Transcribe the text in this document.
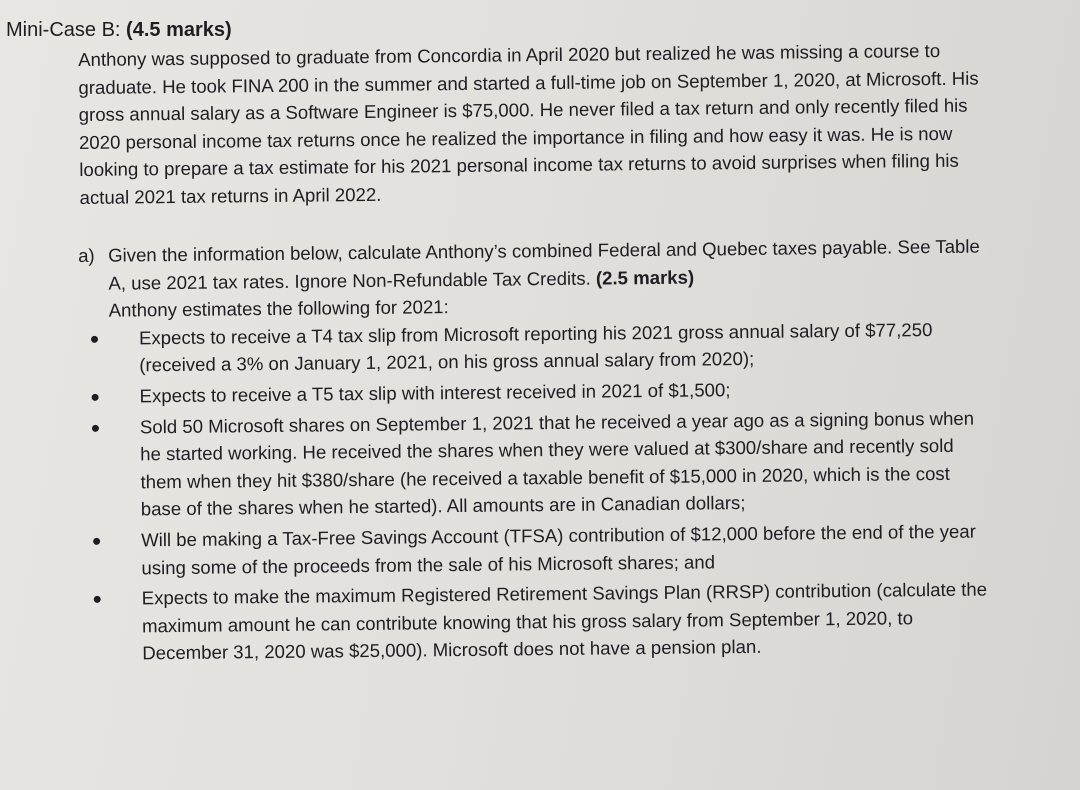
Mini-Case B: (4.5 marks)

Anthony was supposed to graduate from Concordia in April 2020 but realized he was missing a course to graduate. He took FINA 200 in the summer and started a full-time job on September 1, 2020, at Microsoft. His gross annual salary as a Software Engineer is $75,000. He never filed a tax return and only recently filed his 2020 personal income tax returns once he realized the importance in filing and how easy it was. He is now looking to prepare a tax estimate for his 2021 personal income tax returns to avoid surprises when filing his actual 2021 tax returns in April 2022.

a) Given the information below, calculate Anthony’s combined Federal and Quebec taxes payable. See Table A, use 2021 tax rates. Ignore Non-Refundable Tax Credits. (2.5 marks)

Anthony estimates the following for 2021:

Expects to receive a T4 tax slip from Microsoft reporting his 2021 gross annual salary of $77,250 (received a 3% on January 1, 2021, on his gross annual salary from 2020);
Expects to receive a T5 tax slip with interest received in 2021 of $1,500;
Sold 50 Microsoft shares on September 1, 2021 that he received a year ago as a signing bonus when he started working. He received the shares when they were valued at $300/share and recently sold them when they hit $380/share (he received a taxable benefit of $15,000 in 2020, which is the cost base of the shares when he started). All amounts are in Canadian dollars;
Will be making a Tax-Free Savings Account (TFSA) contribution of $12,000 before the end of the year using some of the proceeds from the sale of his Microsoft shares; and
Expects to make the maximum Registered Retirement Savings Plan (RRSP) contribution (calculate the maximum amount he can contribute knowing that his gross salary from September 1, 2020, to December 31, 2020 was $25,000). Microsoft does not have a pension plan.
